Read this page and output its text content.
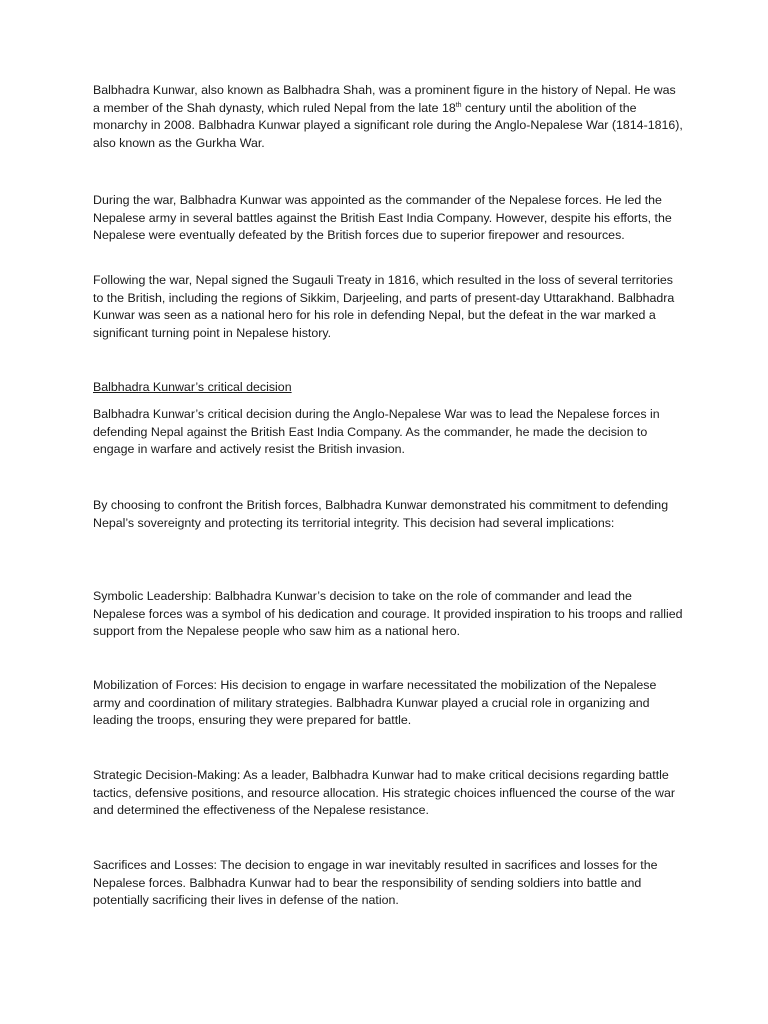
Balbhadra Kunwar, also known as Balbhadra Shah, was a prominent figure in the history of Nepal. He was a member of the Shah dynasty, which ruled Nepal from the late 18th century until the abolition of the monarchy in 2008. Balbhadra Kunwar played a significant role during the Anglo-Nepalese War (1814-1816), also known as the Gurkha War.

During the war, Balbhadra Kunwar was appointed as the commander of the Nepalese forces. He led the Nepalese army in several battles against the British East India Company. However, despite his efforts, the Nepalese were eventually defeated by the British forces due to superior firepower and resources.

Following the war, Nepal signed the Sugauli Treaty in 1816, which resulted in the loss of several territories to the British, including the regions of Sikkim, Darjeeling, and parts of present-day Uttarakhand. Balbhadra Kunwar was seen as a national hero for his role in defending Nepal, but the defeat in the war marked a significant turning point in Nepalese history.

Balbhadra Kunwar’s critical decision

Balbhadra Kunwar’s critical decision during the Anglo-Nepalese War was to lead the Nepalese forces in defending Nepal against the British East India Company. As the commander, he made the decision to engage in warfare and actively resist the British invasion.

By choosing to confront the British forces, Balbhadra Kunwar demonstrated his commitment to defending Nepal’s sovereignty and protecting its territorial integrity. This decision had several implications:

Symbolic Leadership: Balbhadra Kunwar’s decision to take on the role of commander and lead the Nepalese forces was a symbol of his dedication and courage. It provided inspiration to his troops and rallied support from the Nepalese people who saw him as a national hero.

Mobilization of Forces: His decision to engage in warfare necessitated the mobilization of the Nepalese army and coordination of military strategies. Balbhadra Kunwar played a crucial role in organizing and leading the troops, ensuring they were prepared for battle.

Strategic Decision-Making: As a leader, Balbhadra Kunwar had to make critical decisions regarding battle tactics, defensive positions, and resource allocation. His strategic choices influenced the course of the war and determined the effectiveness of the Nepalese resistance.

Sacrifices and Losses: The decision to engage in war inevitably resulted in sacrifices and losses for the Nepalese forces. Balbhadra Kunwar had to bear the responsibility of sending soldiers into battle and potentially sacrificing their lives in defense of the nation.
